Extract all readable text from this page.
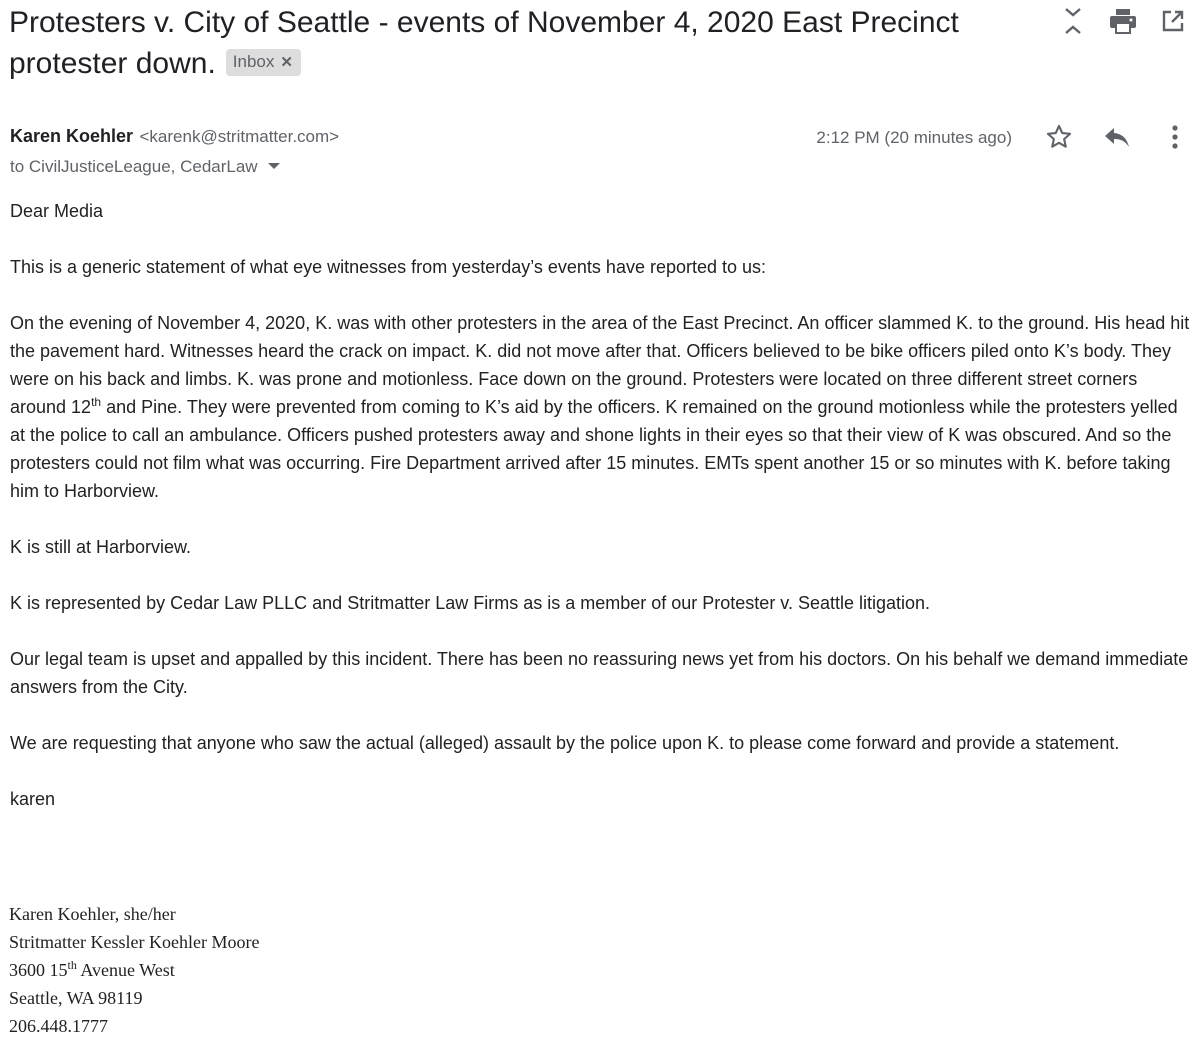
Protesters v. City of Seattle - events of November 4, 2020 East Precinct protester down. Inbox ✕
Karen Koehler <karenk@stritmatter.com>	2:12 PM (20 minutes ago)
to CivilJusticeLeague, CedarLaw

Dear Media

This is a generic statement of what eye witnesses from yesterday’s events have reported to us:

On the evening of November 4, 2020, K. was with other protesters in the area of the East Precinct. An officer slammed K. to the ground. His head hit the pavement hard. Witnesses heard the crack on impact. K. did not move after that. Officers believed to be bike officers piled onto K’s body. They were on his back and limbs. K. was prone and motionless. Face down on the ground. Protesters were located on three different street corners around 12th and Pine. They were prevented from coming to K’s aid by the officers. K remained on the ground motionless while the protesters yelled at the police to call an ambulance. Officers pushed protesters away and shone lights in their eyes so that their view of K was obscured. And so the protesters could not film what was occurring. Fire Department arrived after 15 minutes. EMTs spent another 15 or so minutes with K. before taking him to Harborview.

K is still at Harborview.

K is represented by Cedar Law PLLC and Stritmatter Law Firms as is a member of our Protester v. Seattle litigation.

Our legal team is upset and appalled by this incident. There has been no reassuring news yet from his doctors. On his behalf we demand immediate answers from the City.

We are requesting that anyone who saw the actual (alleged) assault by the police upon K. to please come forward and provide a statement.

karen

Karen Koehler, she/her
Stritmatter Kessler Koehler Moore
3600 15th Avenue West
Seattle, WA 98119
206.448.1777
